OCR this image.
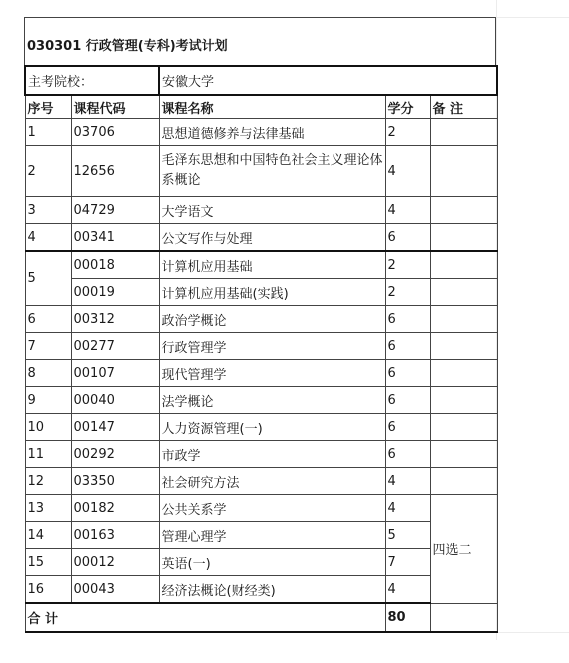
030301 行政管理(专科)考试计划
主考院校：		安徽大学		
序号	课程代码	课程名称	学分	备 注
1	03706	思想道德修养与法律基础	2	
2	12656	毛泽东思想和中国特色社会主义理论体系概论	4	
3	04729	大学语文	4	
4	00341	公文写作与处理	6	
5	00018	计算机应用基础	2	
	00019	计算机应用基础(实践)	2	
6	00312	政治学概论	6	
7	00277	行政管理学	6	
8	00107	现代管理学	6	
9	00040	法学概论	6	
10	00147	人力资源管理(一)	6	
11	00292	市政学	6	
12	03350	社会研究方法	4	
13	00182	公共关系学	4	四选二
14	00163	管理心理学	5	
15	00012	英语(一)	7	
16	00043	经济法概论(财经类)	4	
合 计			80	
